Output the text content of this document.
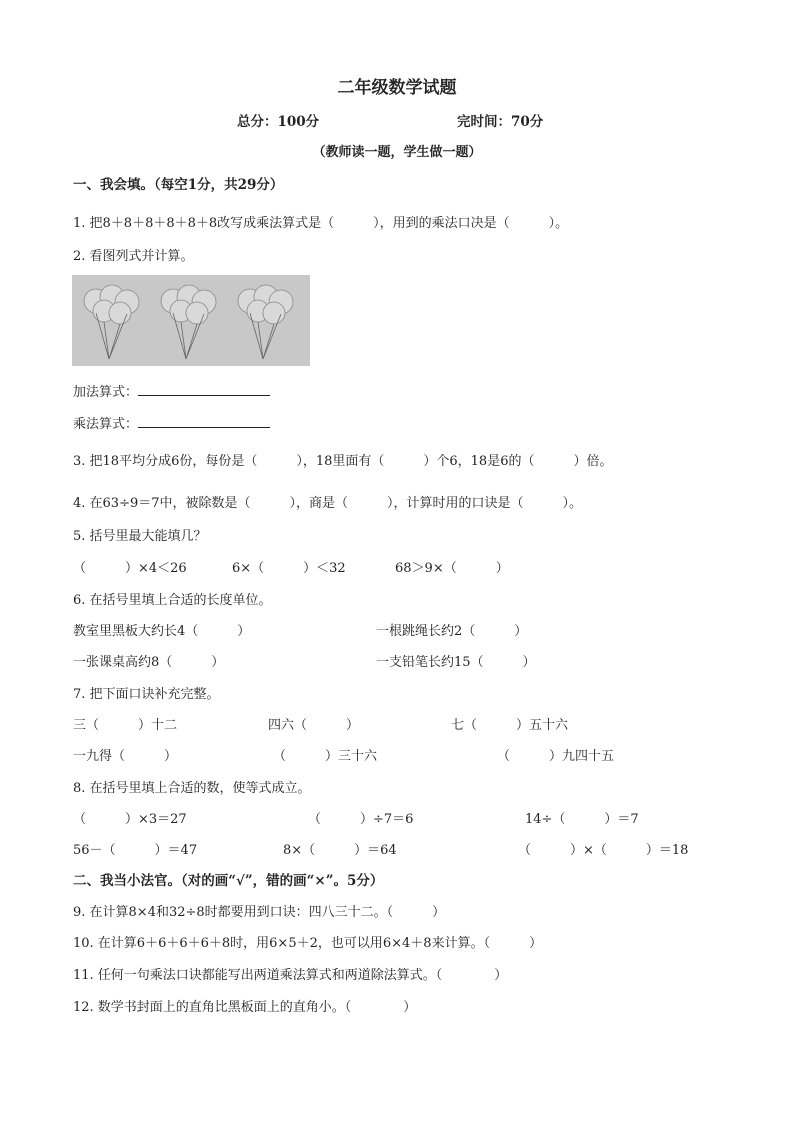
二年级数学试题
总分：100分	完时间：70分
（教师读一题，学生做一题）
一、我会填。（每空1分，共29分）
1. 把8＋8＋8＋8＋8＋8改写成乘法算式是（　　　），用到的乘法口决是（　　　）。
2. 看图列式并计算。
加法算式：
乘法算式：
3. 把18平均分成6份，每份是（　　　），18里面有（　　　）个6，18是6的（　　　）倍。
4. 在63÷9＝7中，被除数是（　　　），商是（　　　），计算时用的口诀是（　　　）。
5. 括号里最大能填几？
（　　　）×4＜26	6×（　　　）＜32	68＞9×（　　　）
6. 在括号里填上合适的长度单位。
教室里黑板大约长4（　　　）	一根跳绳长约2（　　　）
一张课桌高约8（　　　）	一支铅笔长约15（　　　）
7. 把下面口诀补充完整。
三（　　　）十二	四六（　　　）	七（　　　）五十六
一九得（　　　）	（　　　）三十六	（　　　）九四十五
8. 在括号里填上合适的数，使等式成立。
（　　　）×3＝27	（　　　）÷7＝6	14÷（　　　）＝7
56－（　　　）＝47	8×（　　　）＝64	（　　　）×（　　　）＝18
二、我当小法官。（对的画“√”，错的画“×”。5分）
9. 在计算8×4和32÷8时都要用到口诀：四八三十二。（　　　）
10. 在计算6＋6＋6＋6＋8时，用6×5＋2，也可以用6×4＋8来计算。（　　　）
11. 任何一句乘法口诀都能写出两道乘法算式和两道除法算式。（　　　　）
12. 数学书封面上的直角比黑板面上的直角小。（　　　　）
